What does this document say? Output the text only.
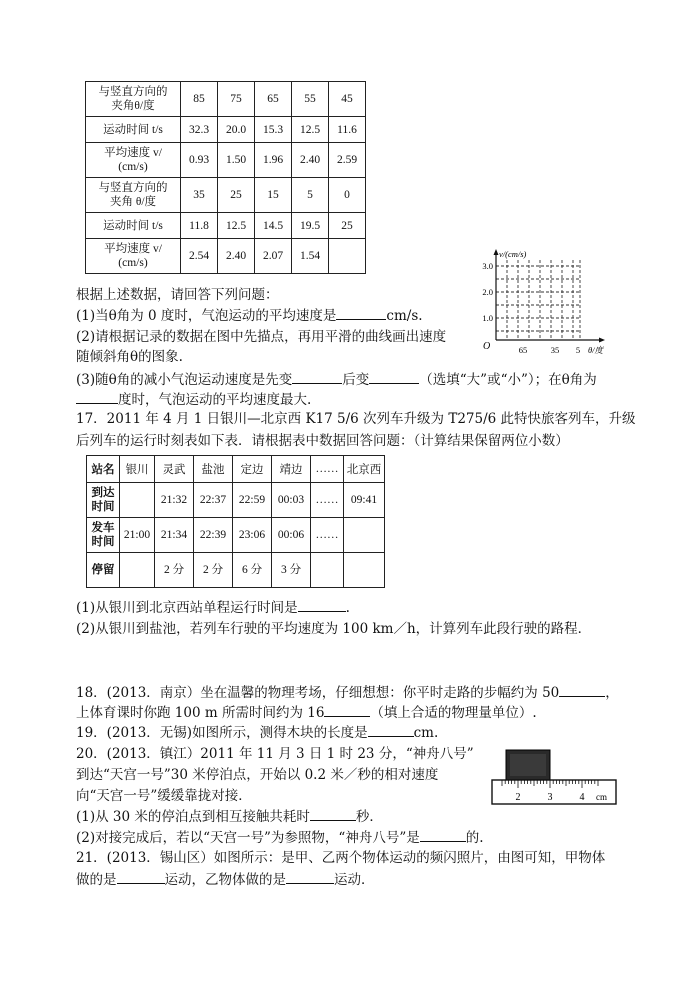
与竖直方向的
夹角θ/度	85	75	65	55	45
运动时间 t/s	32.3	20.0	15.3	12.5	11.6
平均速度 v/
(cm/s)	0.93	1.50	1.96	2.40	2.59
与竖直方向的
夹角 θ/度	35	25	15	5	0
运动时间 t/s	11.8	12.5	14.5	19.5	25
平均速度 v/
(cm/s)	2.54	2.40	2.07	1.54		v/(cm/s)
3.0
2.0
1.0
O	65	35 5 θ/度
根据上述数据，请回答下列问题：
(1)当θ角为 0 度时，气泡运动的平均速度是	cm/s.
(2)请根据记录的数据在图中先描点，再用平滑的曲线画出速度
随倾斜角θ的图象.
(3)随θ角的减小气泡运动速度是先变	后变	（选填“大”或“小”）；在θ角为
度时，气泡运动的平均速度最大.
17．2011 年 4 月 1 日银川—北京西 K17 5/6 次列车升级为 T275/6 此特快旅客列车，升级
后列车的运行时刻表如下表．请根据表中数据回答问题：（计算结果保留两位小数）
站名	银川	灵武	盐池	定边	靖边	……	北京西
到达
时间		21:32	22:37	22:59	00:03	……	09:41
发车
时间	21:00	21:34	22:39	23:06	00:06	……	
停留		2 分	2 分	6 分	3 分		
(1)从银川到北京西站单程运行时间是	.
(2)从银川到盐池，若列车行驶的平均速度为 100 km／h，计算列车此段行驶的路程．
18．(2013．南京）坐在温馨的物理考场，仔细想想：你平时走路的步幅约为 50	，
上体育课时你跑 100 m 所需时间约为 16	（填上合适的物理量单位）.
19．(2013．无锡)如图所示，测得木块的长度是	cm.
20．(2013．镇江）2011 年 11 月 3 日 1 时 23 分，“神舟八号”
到达“天宫一号”30 米停泊点，开始以 0.2 米／秒的相对速度
向“天宫一号”缓缓靠拢对接．
(1)从 30 米的停泊点到相互接触共耗时	秒．
(2)对接完成后，若以“天宫一号”为参照物，“神舟八号”是	的.
2	3	4 cm
21．(2013．锡山区）如图所示：是甲、乙两个物体运动的频闪照片，由图可知，甲物体
做的是	运动，乙物体做的是	运动．
